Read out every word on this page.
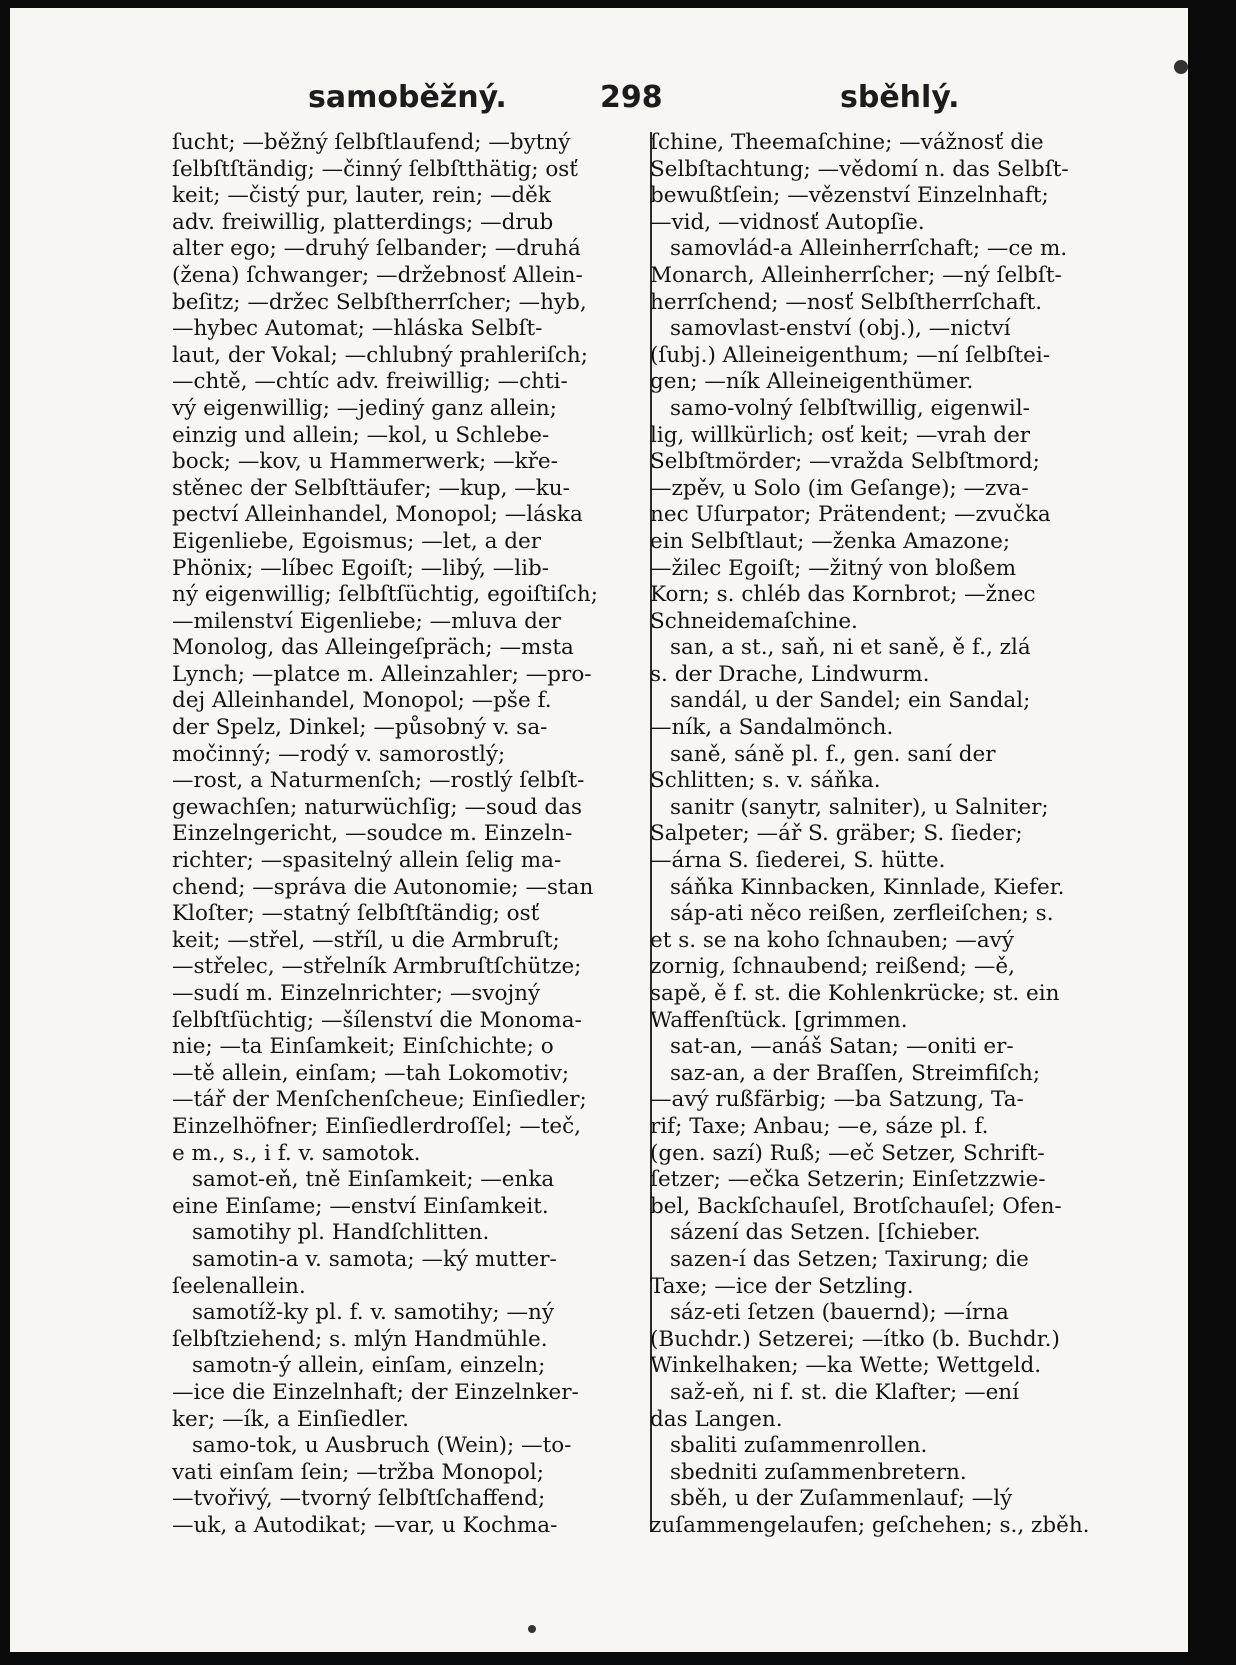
samoběžný.	298	sběhlý.
ſucht; —běžný ſelbſtlaufend; —bytný
ſelbſtſtändig; —činný ſelbſtthätig; osť
keit; —čistý pur, lauter, rein; —děk
adv. freiwillig, platterdings; —drub
alter ego; —druhý ſelbander; —druhá
(žena) ſchwanger; —držebnosť Allein-
beſitz; —držec Selbſtherrſcher; —hyb,
—hybec Automat; —hláska Selbſt-
laut, der Vokal; —chlubný prahleriſch;
—chtě, —chtíc adv. freiwillig; —chti-
vý eigenwillig; —jediný ganz allein;
einzig und allein; —kol, u Schlebe-
bock; —kov, u Hammerwerk; —kře-
stěnec der Selbſttäufer; —kup, —ku-
pectví Alleinhandel, Monopol; —láska
Eigenliebe, Egoismus; —let, a der
Phönix; —líbec Egoiſt; —libý, —lib-
ný eigenwillig; ſelbſtſüchtig, egoiſtiſch;
—milenství Eigenliebe; —mluva der
Monolog, das Alleingeſpräch; —msta
Lynch; —platce m. Alleinzahler; —pro-
dej Alleinhandel, Monopol; —pše f.
der Spelz, Dinkel; —působný v. sa-
močinný; —rodý v. samorostlý;
—rost, a Naturmenſch; —rostlý ſelbſt-
gewachſen; naturwüchſig; —soud das
Einzelngericht, —soudce m. Einzeln-
richter; —spasitelný allein ſelig ma-
chend; —správa die Autonomie; —stan
Kloſter; —statný ſelbſtſtändig; osť
keit; —střel, —stříl, u die Armbruſt;
—střelec, —střelník Armbruſtſchütze;
—sudí m. Einzelnrichter; —svojný
ſelbſtſüchtig; —šílenství die Monoma-
nie; —ta Einſamkeit; Einſchichte; o
—tě allein, einſam; —tah Lokomotiv;
—tář der Menſchenſcheue; Einſiedler;
Einzelhöfner; Einſiedlerdroſſel; —teč,
e m., s., i f. v. samotok.
samot-eň, tně Einſamkeit; —enka
eine Einſame; —enství Einſamkeit.
samotihy pl. Handſchlitten.
samotin-a v. samota; —ký mutter-
ſeelenallein.
samotíž-ky pl. f. v. samotihy; —ný
ſelbſtziehend; s. mlýn Handmühle.
samotn-ý allein, einſam, einzeln;
—ice die Einzelnhaft; der Einzelnker-
ker; —ík, a Einſiedler.
samo-tok, u Ausbruch (Wein); —to-
vati einſam ſein; —tržba Monopol;
—tvořivý, —tvorný ſelbſtſchaffend;
—uk, a Autodikat; —var, u Kochma-
ſchine, Theemaſchine; —vážnosť die
Selbſtachtung; —vědomí n. das Selbſt-
bewußtſein; —vězenství Einzelnhaft;
—vid, —vidnosť Autopſie.
samovlád-a Alleinherrſchaft; —ce m.
Monarch, Alleinherrſcher; —ný ſelbſt-
herrſchend; —nosť Selbſtherrſchaft.
samovlast-enství (obj.), —nictví
(ſubj.) Alleineigenthum; —ní ſelbſtei-
gen; —ník Alleineigenthümer.
samo-volný ſelbſtwillig, eigenwil-
lig, willkürlich; osť keit; —vrah der
Selbſtmörder; —vražda Selbſtmord;
—zpěv, u Solo (im Geſange); —zva-
nec Uſurpator; Prätendent; —zvučka
ein Selbſtlaut; —ženka Amazone;
—žilec Egoiſt; —žitný von bloßem
Korn; s. chléb das Kornbrot; —žnec
Schneidemaſchine.
san, a st., saň, ni et saně, ě f., zlá
s. der Drache, Lindwurm.
sandál, u der Sandel; ein Sandal;
—ník, a Sandalmönch.
saně, sáně pl. f., gen. saní der
Schlitten; s. v. sáňka.
sanitr (sanytr, salniter), u Salniter;
Salpeter; —ář S. gräber; S. ſieder;
—árna S. ſiederei, S. hütte.
sáňka Kinnbacken, Kinnlade, Kiefer.
sáp-ati něco reißen, zerfleiſchen; s.
et s. se na koho ſchnauben; —avý
zornig, ſchnaubend; reißend; —ě,
sapě, ě f. st. die Kohlenkrücke; st. ein
Waffenſtück. [grimmen.
sat-an, —anáš Satan; —oniti er-
saz-an, a der Braſſen, Streimfiſch;
—avý rußfärbig; —ba Satzung, Ta-
rif; Taxe; Anbau; —e, sáze pl. f.
(gen. sazí) Ruß; —eč Setzer, Schrift-
ſetzer; —ečka Setzerin; Einſetzzwie-
bel, Backſchauſel, Brotſchauſel; Ofen-
sázení das Setzen. [ſchieber.
sazen-í das Setzen; Taxirung; die
Taxe; —ice der Setzling.
sáz-eti ſetzen (bauernd); —írna
(Buchdr.) Setzerei; —ítko (b. Buchdr.)
Winkelhaken; —ka Wette; Wettgeld.
saž-eň, ni f. st. die Klafter; —ení
das Langen.
sbaliti zuſammenrollen.
sbedniti zuſammenbretern.
sběh, u der Zuſammenlauf; —lý
zuſammengelaufen; geſchehen; s., zběh.
